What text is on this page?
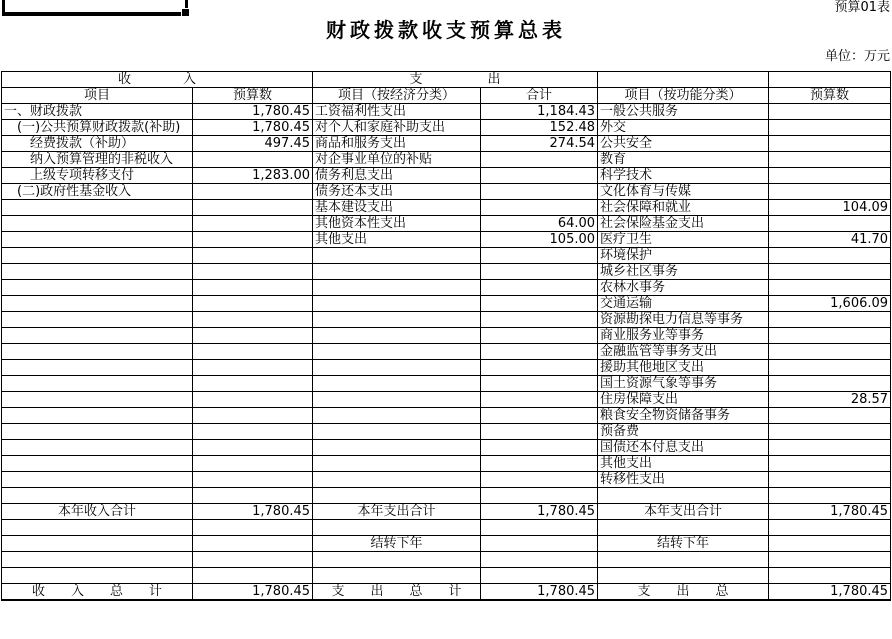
预算01表
财政拨款收支预算总表
单位：万元
收　　　　入		支　　　　　出			
项目	预算数	项目（按经济分类）	合计	项目（按功能分类）	预算数
一、财政拨款	1,780.45	工资福利性支出	1,184.43	一般公共服务	
　(一)公共预算财政拨款(补助)	1,780.45	对个人和家庭补助支出	152.48	外交	
　　经费拨款（补助）	497.45	商品和服务支出	274.54	公共安全	
　　纳入预算管理的非税收入		对企事业单位的补贴		教育	
　　上级专项转移支付	1,283.00	债务利息支出		科学技术	
　(二)政府性基金收入		债务还本支出		文化体育与传媒	
		基本建设支出		社会保障和就业	104.09
		其他资本性支出	64.00	社会保险基金支出	
		其他支出	105.00	医疗卫生	41.70
				环境保护	
				城乡社区事务	
				农林水事务	
				交通运输	1,606.09
				资源勘探电力信息等事务	
				商业服务业等事务	
				金融监管等事务支出	
				援助其他地区支出	
				国土资源气象等事务	
				住房保障支出	28.57
				粮食安全物资储备事务	
				预备费	
				国债还本付息支出	
				其他支出	
				转移性支出	

本年收入合计	1,780.45	本年支出合计	1,780.45	本年支出合计	1,780.45

		结转下年		结转下年	

收　　入　　总　　计	1,780.45	支　　出　　总　　计	1,780.45	支　　出　　总	1,780.45
